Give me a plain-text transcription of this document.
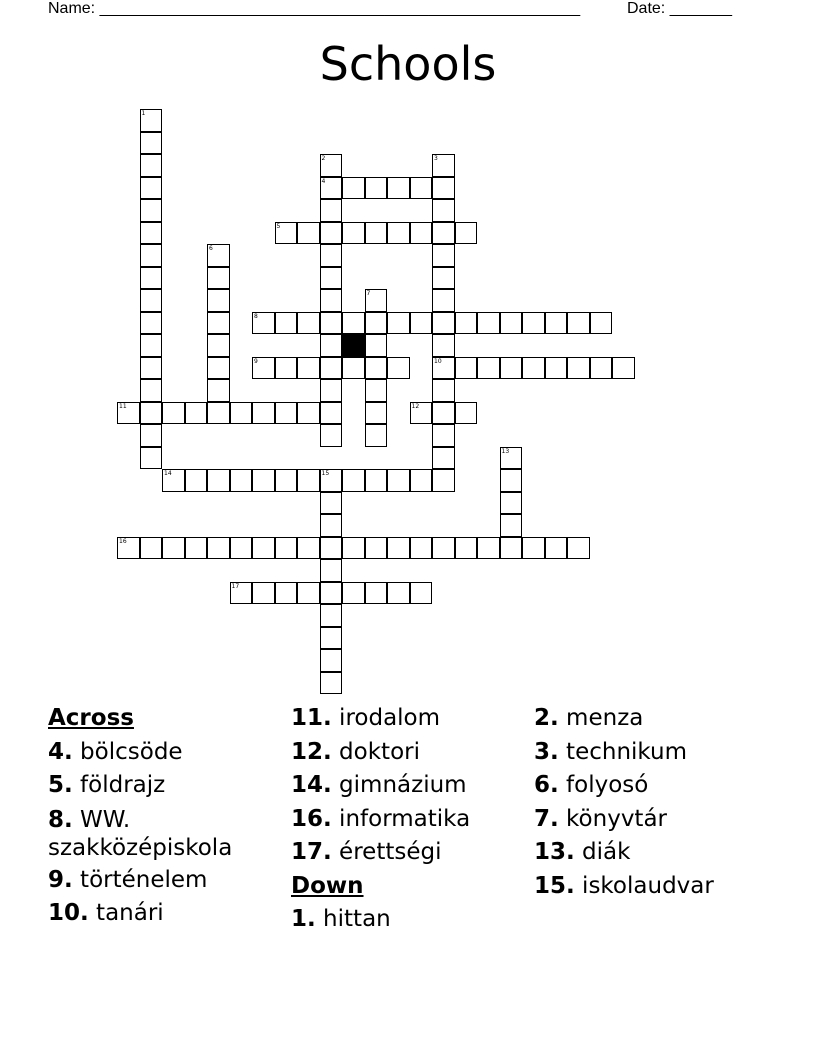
Name: ______________________________________________________	Date: _______
Schools
1
2	3
4
5
6
7
8
9	10
11	12
13
14	15
16
17
Across
4. bölcsöde
5. földrajz
8. WW. szakközépiskola
9. történelem
10. tanári
11. irodalom
12. doktori
14. gimnázium
16. informatika
17. érettségi
Down
1. hittan
2. menza
3. technikum
6. folyosó
7. könyvtár
13. diák
15. iskolaudvar
